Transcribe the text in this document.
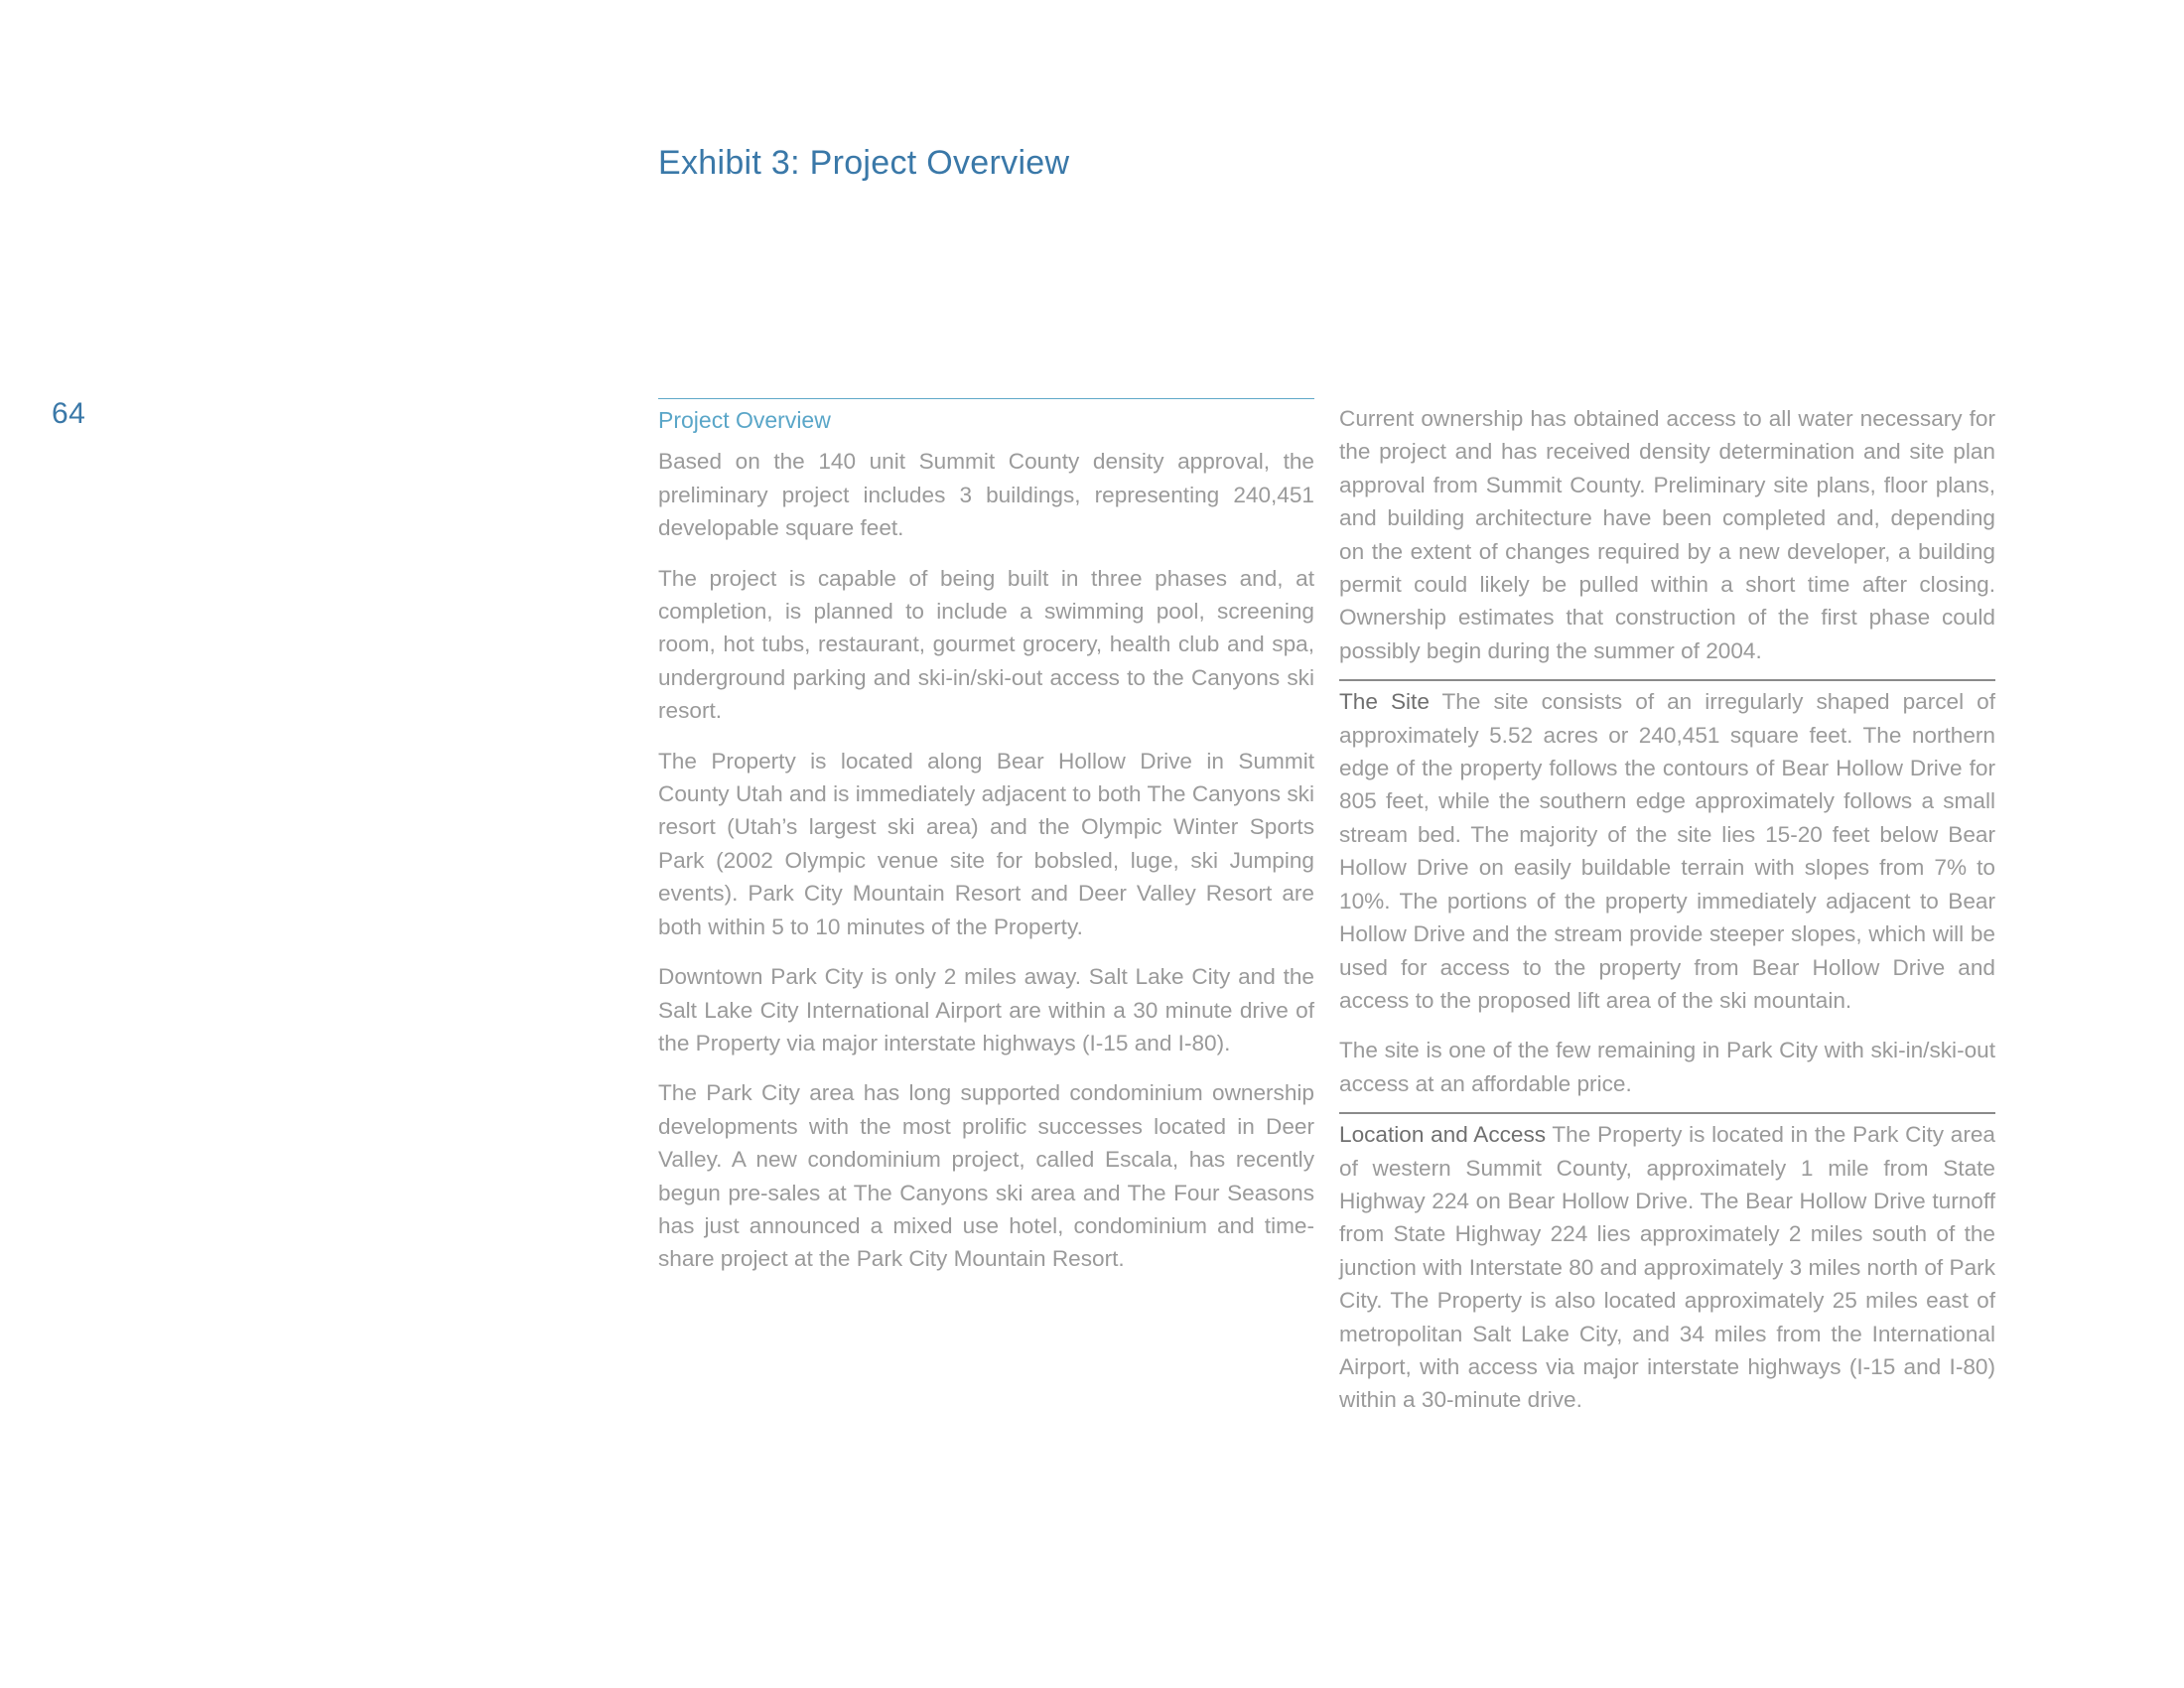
64
Exhibit 3: Project Overview
Project Overview

Based on the 140 unit Summit County density approval, the preliminary project includes 3 buildings, representing 240,451 developable square feet.

The project is capable of being built in three phases and, at completion, is planned to include a swimming pool, screening room, hot tubs, restaurant, gourmet grocery, health club and spa, underground parking and ski-in/ski-out access to the Canyons ski resort.

The Property is located along Bear Hollow Drive in Summit County Utah and is immediately adjacent to both The Canyons ski resort (Utah’s largest ski area) and the Olympic Winter Sports Park (2002 Olympic venue site for bobsled, luge, ski Jumping events). Park City Mountain Resort and Deer Valley Resort are both within 5 to 10 minutes of the Property.

Downtown Park City is only 2 miles away. Salt Lake City and the Salt Lake City International Airport are within a 30 minute drive of the Property via major interstate highways (I-15 and I-80).

The Park City area has long supported condominium ownership developments with the most prolific successes located in Deer Valley. A new condominium project, called Escala, has recently begun pre-sales at The Canyons ski area and The Four Seasons has just announced a mixed use hotel, condominium and time-share project at the Park City Mountain Resort.

Current ownership has obtained access to all water necessary for the project and has received density determination and site plan approval from Summit County. Preliminary site plans, floor plans, and building architecture have been completed and, depending on the extent of changes required by a new developer, a building permit could likely be pulled within a short time after closing. Ownership estimates that construction of the first phase could possibly begin during the summer of 2004.

The Site The site consists of an irregularly shaped parcel of approximately 5.52 acres or 240,451 square feet. The northern edge of the property follows the contours of Bear Hollow Drive for 805 feet, while the southern edge approximately follows a small stream bed. The majority of the site lies 15-20 feet below Bear Hollow Drive on easily buildable terrain with slopes from 7% to 10%. The portions of the property immediately adjacent to Bear Hollow Drive and the stream provide steeper slopes, which will be used for access to the property from Bear Hollow Drive and access to the proposed lift area of the ski mountain.

The site is one of the few remaining in Park City with ski-in/ski-out access at an affordable price.

Location and Access The Property is located in the Park City area of western Summit County, approximately 1 mile from State Highway 224 on Bear Hollow Drive. The Bear Hollow Drive turnoff from State Highway 224 lies approximately 2 miles south of the junction with Interstate 80 and approximately 3 miles north of Park City. The Property is also located approximately 25 miles east of metropolitan Salt Lake City, and 34 miles from the International Airport, with access via major interstate highways (I-15 and I-80) within a 30-minute drive.
